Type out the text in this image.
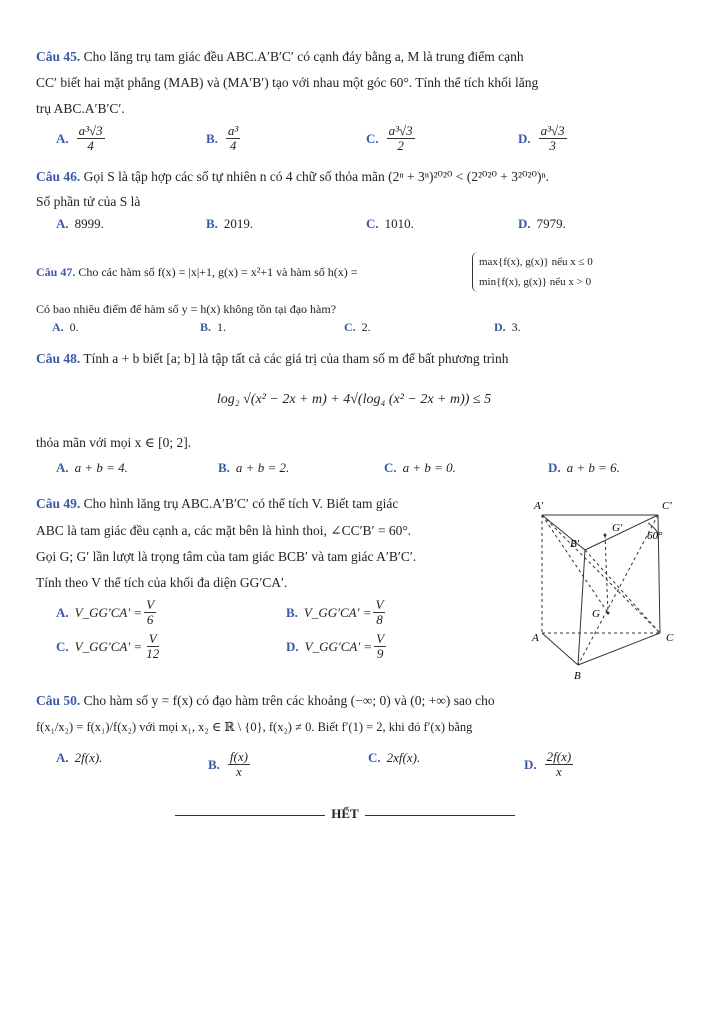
Câu 45. Cho lăng trụ tam giác đều ABC.A′B′C′ có cạnh đáy bằng a, M là trung điểm cạnh
CC′ biết hai mặt phẳng (MAB) và (MA′B′) tạo với nhau một góc 60°. Tính thể tích khối lăng
trụ ABC.A′B′C′.
A. $\frac{\text{a³√3}}{4}$	B. $\frac{\text{a³}}{4}$	C. $\frac{\text{a³√3}}{2}$	D. $\frac{\text{a³√3}}{3}$
Câu 46. Gọi S là tập hợp các số tự nhiên n có 4 chữ số thỏa mãn (2ⁿ + 3ⁿ)²⁰²⁰ < (2²⁰²⁰ + 3²⁰²⁰)ⁿ.
Số phần tử của S là
A. 8999.	B. 2019.	C. 1010.	D. 7979.
Câu 47. Cho các hàm số f(x) = |x|+1, g(x) = x²+1 và hàm số h(x) =
max{f(x), g(x)} nếu x ≤ 0
min{f(x), g(x)} nếu x > 0
Có bao nhiêu điểm để hàm số y = h(x) không tồn tại đạo hàm?
A. 0.	B. 1.	C. 2.	D. 3.
Câu 48. Tính a + b biết [a; b] là tập tất cả các giá trị của tham số m để bất phương trình
log₂ √(x² − 2x + m) + 4√(log₄ (x² − 2x + m)) ≤ 5
thỏa mãn với mọi x ∈ [0; 2].
A. a + b = 4.	B. a + b = 2.	C. a + b = 0.	D. a + b = 6.
Câu 49. Cho hình lăng trụ ABC.A′B′C′ có thể tích V. Biết tam giác
ABC là tam giác đều cạnh a, các mặt bên là hình thoi, ∠CC′B′ = 60°.
Gọi G; G′ lần lượt là trọng tâm của tam giác BCB′ và tam giác A′B′C′.
Tính theo V thể tích của khối đa diện GG′CA′.
A. V_GG′CA′ = $\frac{V}{6}$	B. V_GG′CA′ = $\frac{V}{8}$
C. V_GG′CA′ = $\frac{V}{12}$	D. V_GG′CA′ = $\frac{V}{9}$
A′	C′
B′
G′
60°
G
A	C
B
Câu 50. Cho hàm số y = f(x) có đạo hàm trên các khoảng (−∞; 0) và (0; +∞) sao cho
f(x₁/x₂) = f(x₁)/f(x₂) với mọi x₁, x₂ ∈ ℝ \ {0}, f(x₂) ≠ 0. Biết f′(1) = 2, khi đó f′(x) bằng
A. 2f(x).	B. $\frac{f(x)}{x}$	C. 2xf(x).	D. $\frac{2f(x)}{x}$
HẾT
